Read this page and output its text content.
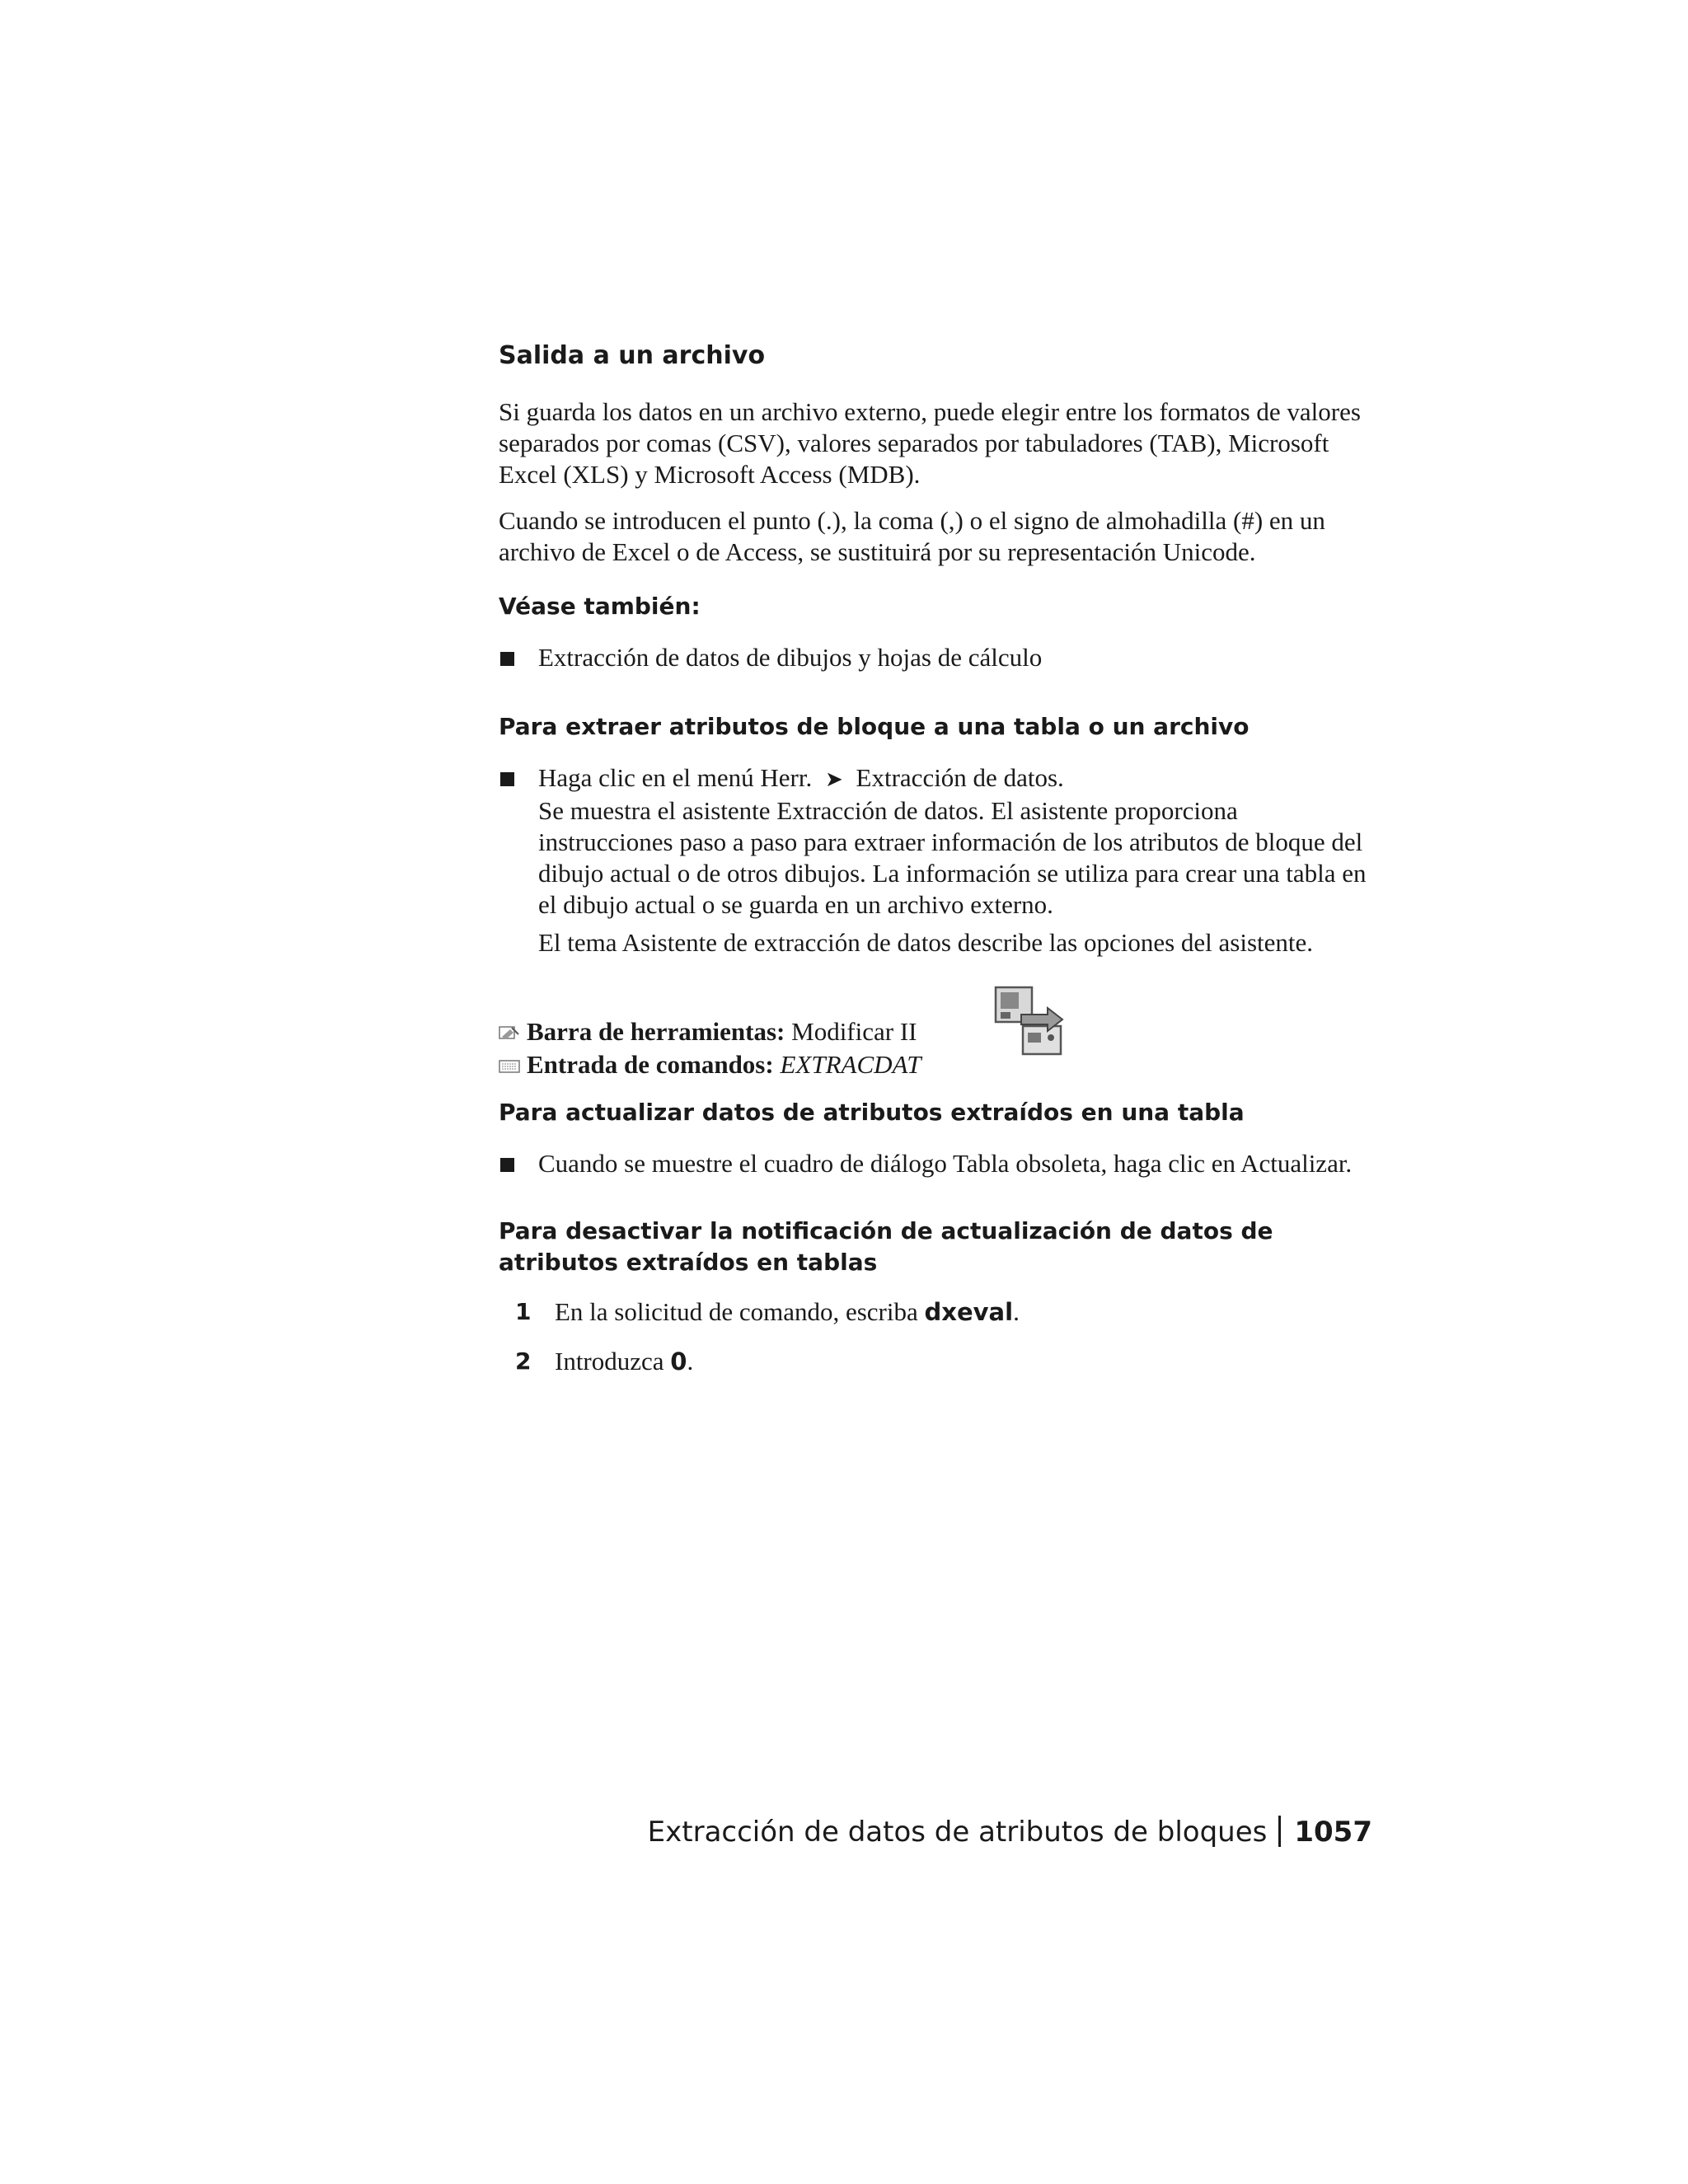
Salida a un archivo

Si guarda los datos en un archivo externo, puede elegir entre los formatos de valores separados por comas (CSV), valores separados por tabuladores (TAB), Microsoft Excel (XLS) y Microsoft Access (MDB).

Cuando se introducen el punto (.), la coma (,) o el signo de almohadilla (#) en un archivo de Excel o de Access, se sustituirá por su representación Unicode.

Véase también:
Extracción de datos de dibujos y hojas de cálculo
Para extraer atributos de bloque a una tabla o un archivo
Haga clic en el menú Herr. ➤ Extracción de datos.
Se muestra el asistente Extracción de datos. El asistente proporciona instrucciones paso a paso para extraer información de los atributos de bloque del dibujo actual o de otros dibujos. La información se utiliza para crear una tabla en el dibujo actual o se guarda en un archivo externo.
El tema Asistente de extracción de datos describe las opciones del asistente.
Barra de herramientas: Modificar II
Entrada de comandos: EXTRACDAT
Para actualizar datos de atributos extraídos en una tabla
Cuando se muestre el cuadro de diálogo Tabla obsoleta, haga clic en Actualizar.
Para desactivar la notificación de actualización de datos de atributos extraídos en tablas
1 En la solicitud de comando, escriba dxeval.
2 Introduzca 0.
Extracción de datos de atributos de bloques 1057
